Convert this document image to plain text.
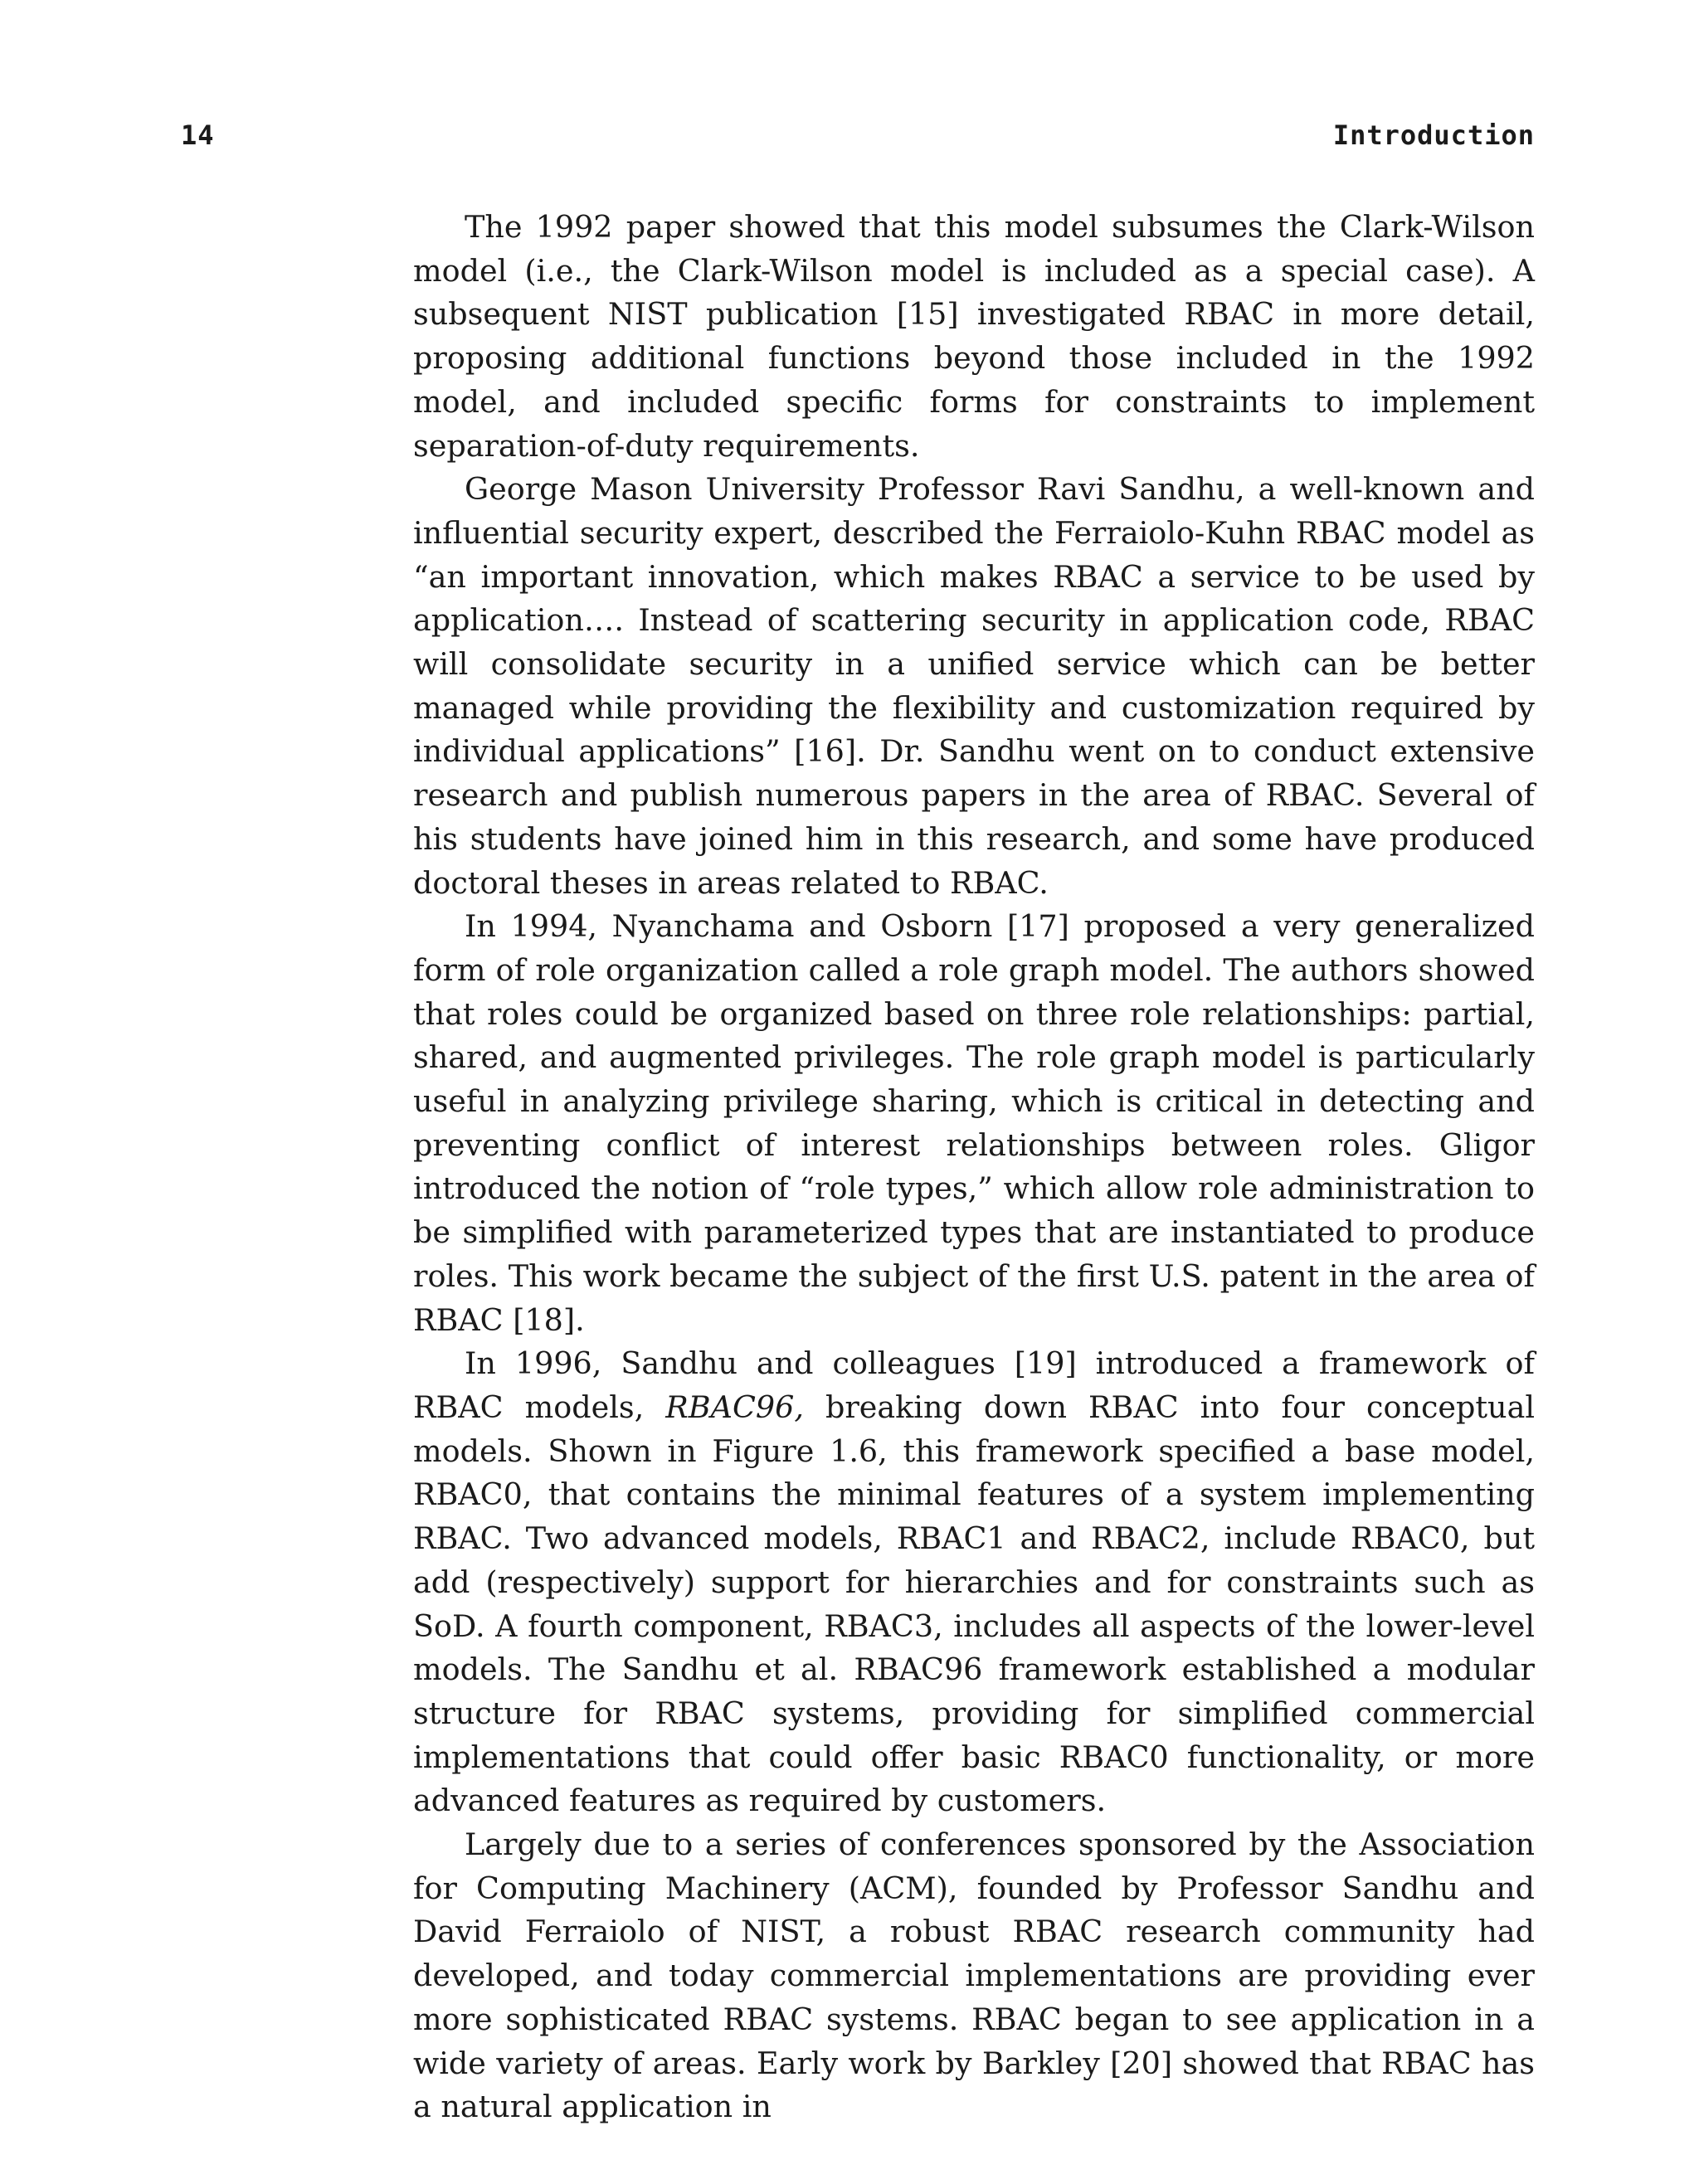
14	Introduction

The 1992 paper showed that this model subsumes the Clark-Wilson model (i.e., the Clark-Wilson model is included as a special case). A subsequent NIST publication [15] investigated RBAC in more detail, proposing additional functions beyond those included in the 1992 model, and included specific forms for constraints to implement separation-of-duty requirements.

George Mason University Professor Ravi Sandhu, a well-known and influential security expert, described the Ferraiolo-Kuhn RBAC model as “an important innovation, which makes RBAC a service to be used by application…. Instead of scattering security in application code, RBAC will consolidate security in a unified service which can be better managed while providing the flexibility and customization required by individual applications” [16]. Dr. Sandhu went on to conduct extensive research and publish numerous papers in the area of RBAC. Several of his students have joined him in this research, and some have produced doctoral theses in areas related to RBAC.

In 1994, Nyanchama and Osborn [17] proposed a very generalized form of role organization called a role graph model. The authors showed that roles could be organized based on three role relationships: partial, shared, and augmented privileges. The role graph model is particularly useful in analyzing privilege sharing, which is critical in detecting and preventing conflict of interest relationships between roles. Gligor introduced the notion of “role types,” which allow role administration to be simplified with parameterized types that are instantiated to produce roles. This work became the subject of the first U.S. patent in the area of RBAC [18].

In 1996, Sandhu and colleagues [19] introduced a framework of RBAC models, RBAC96, breaking down RBAC into four conceptual models. Shown in Figure 1.6, this framework specified a base model, RBAC0, that contains the minimal features of a system implementing RBAC. Two advanced models, RBAC1 and RBAC2, include RBAC0, but add (respectively) support for hierarchies and for constraints such as SoD. A fourth component, RBAC3, includes all aspects of the lower-level models. The Sandhu et al. RBAC96 framework established a modular structure for RBAC systems, providing for simplified commercial implementations that could offer basic RBAC0 functionality, or more advanced features as required by customers.

Largely due to a series of conferences sponsored by the Association for Computing Machinery (ACM), founded by Professor Sandhu and David Ferraiolo of NIST, a robust RBAC research community had developed, and today commercial implementations are providing ever more sophisticated RBAC systems. RBAC began to see application in a wide variety of areas. Early work by Barkley [20] showed that RBAC has a natural application in
